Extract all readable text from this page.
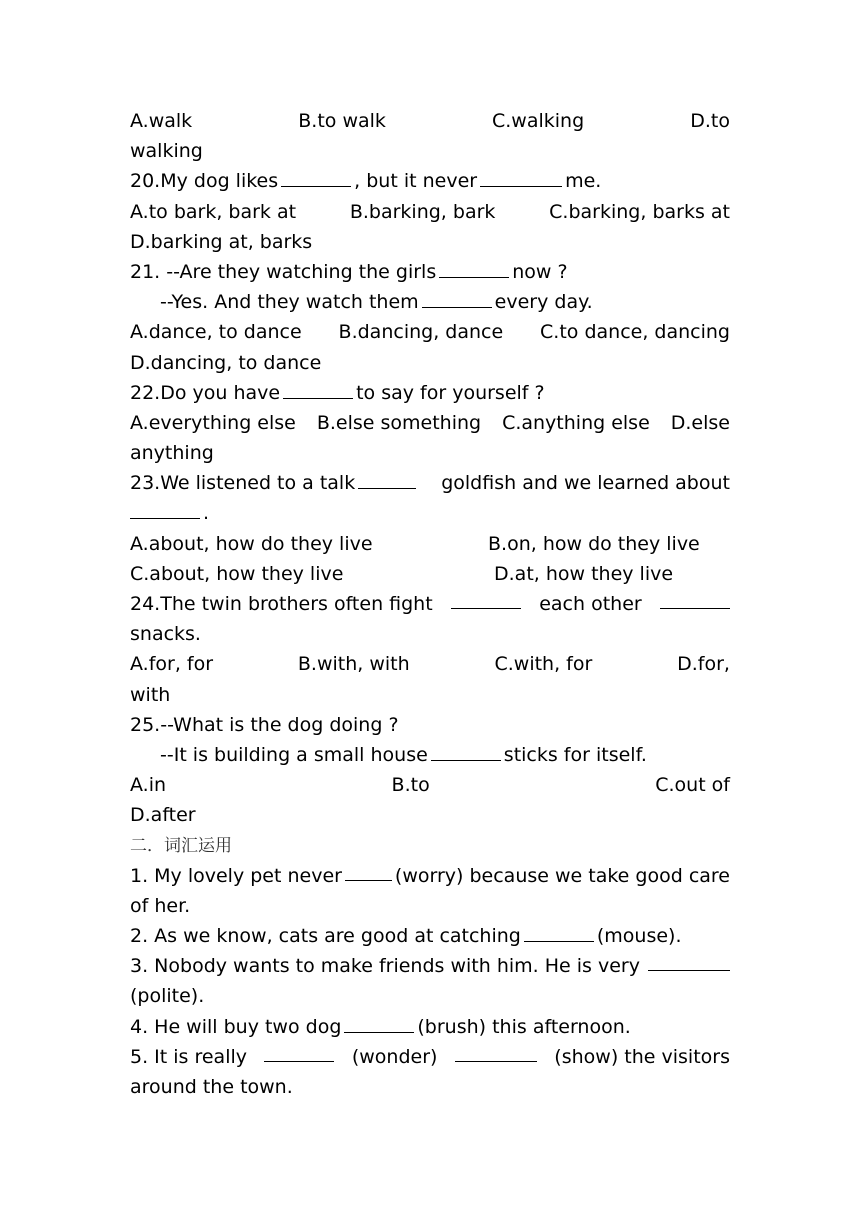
A.walk	B.to walk	C.walking	D.to
walking
20.My dog likes	, but it never	me.
A.to bark, bark at	B.barking, bark	C.barking, barks at
D.barking at, barks
21. --Are they watching the girls	now ?
--Yes. And they watch them	every day.
A.dance, to dance B.dancing, dance C.to dance, dancing
D.dancing, to dance
22.Do you have	to say for yourself ?
A.everything else B.else something C.anything else D.else
anything
23.We listened to a talk	goldfish and we learned about
.
A.about, how do they live	B.on, how do they live
C.about, how they live	D.at, how they live
24.The twin brothers often fight	each other
snacks.
A.for, for	B.with, with	C.with, for	D.for,
with
25.--What is the dog doing ?
--It is building a small house	sticks for itself.
A.in	B.to	C.out of
D.after
二．词汇运用
1. My lovely pet never	(worry) because we take good care
of her.
2. As we know, cats are good at catching	(mouse).
3. Nobody wants to make friends with him. He is very
(polite).
4. He will buy two dog	(brush) this afternoon.
5. It is really	(wonder)	(show) the visitors
around the town.
